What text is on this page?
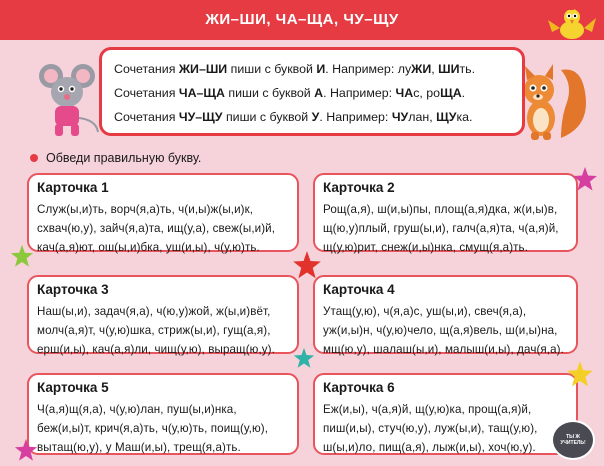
ЖИ–ШИ, ЧА–ЩА, ЧУ–ЩУ
Сочетания ЖИ–ШИ пиши с буквой И. Например: луЖИ, ШИть.
Сочетания ЧА–ЩА пиши с буквой А. Например: ЧАс, роЩА.
Сочетания ЧУ–ЩУ пиши с буквой У. Например: ЧУлан, ЩУка.
Обведи правильную букву.
Карточка 1
Служ(ы,и)ть, ворч(я,а)ть, ч(и,ы)ж(ы,и)к,
схвач(ю,у), зайч(я,а)та, ищ(у,а), свеж(ы,и)й,
кач(а,я)ют, ош(ы,и)бка, уш(и,ы), ч(у,ю)ть.
Карточка 2
Рощ(а,я), ш(и,ы)пы, площ(а,я)дка, ж(и,ы)в,
щ(ю,у)плый, груш(ы,и), галч(а,я)та, ч(а,я)й,
щ(у,ю)рит, снеж(и,ы)нка, смущ(я,а)ть.
Карточка 3
Наш(ы,и), задач(я,а), ч(ю,у)жой, ж(ы,и)вёт,
молч(а,я)т, ч(у,ю)шка, стриж(ы,и), гущ(а,я),
ерш(и,ы), кач(а,я)ли, чищ(у,ю), выращ(ю,у).
Карточка 4
Утащ(у,ю), ч(я,а)с, уш(ы,и), свеч(я,а),
уж(и,ы)н, ч(у,ю)чело, щ(а,я)вель, ш(и,ы)на,
мщ(ю,у), шалаш(ы,и), малыш(и,ы), дач(я,а).
Карточка 5
Ч(а,я)щ(я,а), ч(у,ю)лан, пуш(ы,и)нка,
беж(и,ы)т, крич(я,а)ть, ч(у,ю)ть, поищ(у,ю),
вытащ(ю,у), у Маш(и,ы), трещ(я,а)ть.
Карточка 6
Еж(и,ы), ч(а,я)й, щ(у,ю)ка, прощ(а,я)й,
пиш(и,ы), стуч(ю,у), луж(ы,и), тащ(у,ю),
ш(ы,и)ло, пищ(а,я), лыж(и,ы), хоч(ю,у).
ТЫ Ж УЧИТЕЛЬ!
